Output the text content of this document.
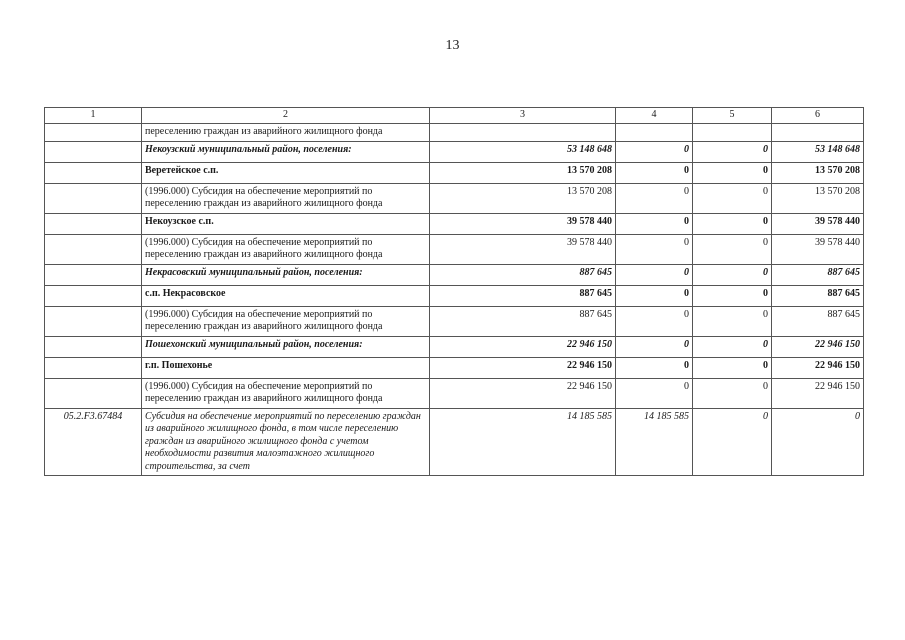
13
1	2	3	4	5	6
	переселению граждан из аварийного жилищного фонда				
	Некоузский муниципальный район, поселения:	53 148 648	0	0	53 148 648
	Веретейское с.п.	13 570 208	0	0	13 570 208
	(1996.000) Субсидия на обеспечение мероприятий по переселению граждан из аварийного жилищного фонда	13 570 208	0	0	13 570 208
	Некоузское с.п.	39 578 440	0	0	39 578 440
	(1996.000) Субсидия на обеспечение мероприятий по переселению граждан из аварийного жилищного фонда	39 578 440	0	0	39 578 440
	Некрасовский муниципальный район, поселения:	887 645	0	0	887 645
	с.п. Некрасовское	887 645	0	0	887 645
	(1996.000) Субсидия на обеспечение мероприятий по переселению граждан из аварийного жилищного фонда	887 645	0	0	887 645
	Пошехонский муниципальный район, поселения:	22 946 150	0	0	22 946 150
	г.п. Пошехонье	22 946 150	0	0	22 946 150
	(1996.000) Субсидия на обеспечение мероприятий по переселению граждан из аварийного жилищного фонда	22 946 150	0	0	22 946 150
05.2.F3.67484	Субсидия на обеспечение мероприятий по переселению граждан из аварийного жилищного фонда, в том числе переселению граждан из аварийного жилищного фонда с учетом необходимости развития малоэтажного жилищного строительства, за счет	14 185 585	14 185 585	0	0
